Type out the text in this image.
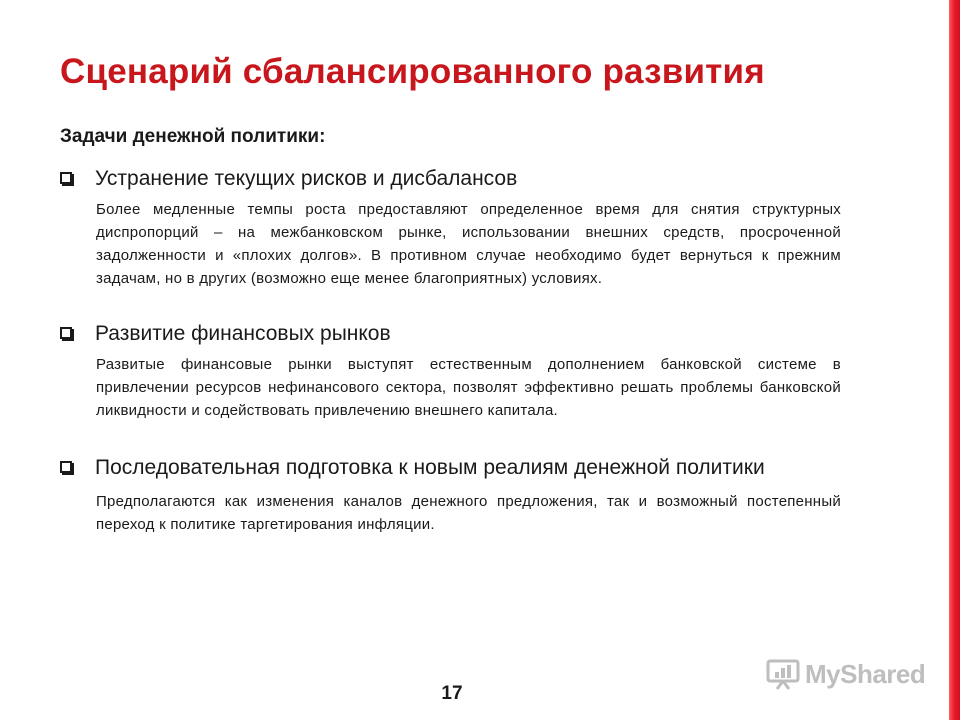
Сценарий сбалансированного развития
Задачи денежной политики:
Устранение текущих рисков и дисбалансов
Более медленные темпы роста предоставляют определенное время для снятия структурных диспропорций – на межбанковском рынке, использовании внешних средств, просроченной задолженности и «плохих долгов». В противном случае необходимо будет вернуться к прежним задачам, но в других (возможно еще менее благоприятных) условиях.
Развитие финансовых рынков
Развитые финансовые рынки выступят естественным дополнением банковской системе в привлечении ресурсов нефинансового сектора, позволят эффективно решать проблемы банковской ликвидности и содействовать привлечению внешнего капитала.
Последовательная подготовка к новым реалиям денежной политики
Предполагаются как изменения каналов денежного предложения, так и возможный постепенный переход к политике таргетирования инфляции.
17
MyShared
